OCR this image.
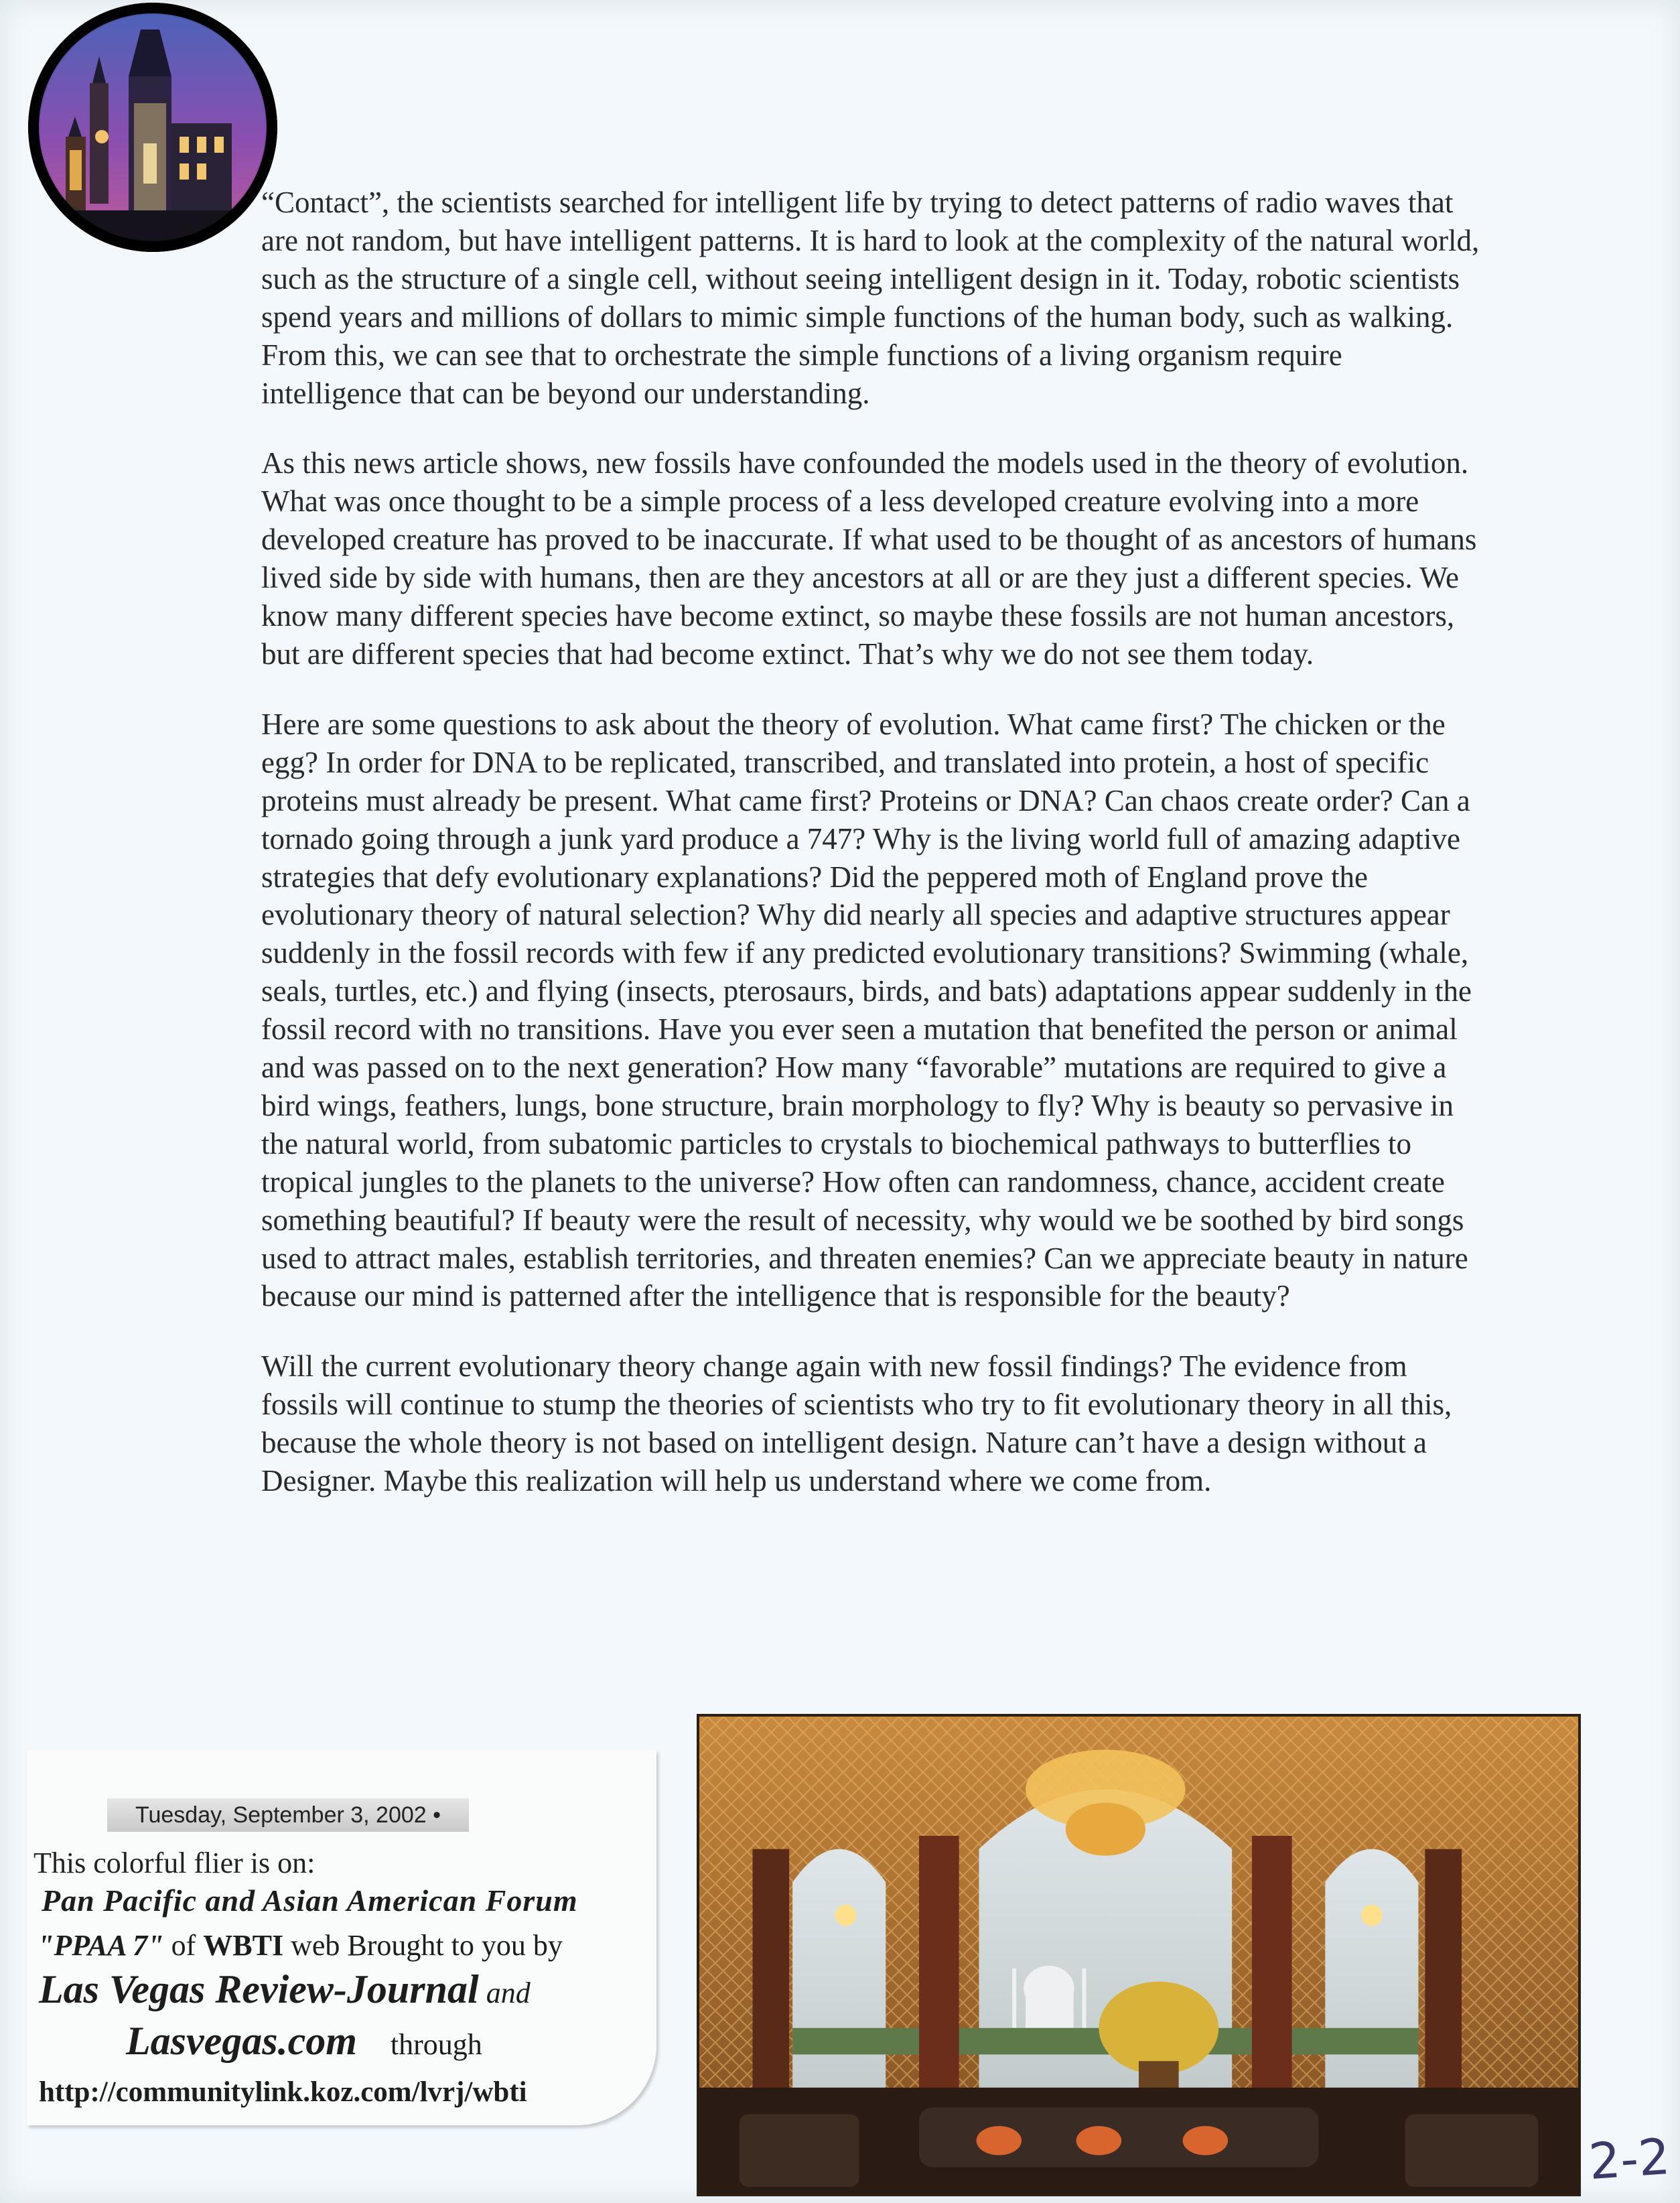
“Contact”, the scientists searched for intelligent life by trying to detect patterns of radio waves that are not random, but have intelligent patterns. It is hard to look at the complexity of the natural world, such as the structure of a single cell, without seeing intelligent design in it. Today, robotic scientists spend years and millions of dollars to mimic simple functions of the human body, such as walking. From this, we can see that to orchestrate the simple functions of a living organism require intelligence that can be beyond our understanding.

As this news article shows, new fossils have confounded the models used in the theory of evolution. What was once thought to be a simple process of a less developed creature evolving into a more developed creature has proved to be inaccurate. If what used to be thought of as ancestors of humans lived side by side with humans, then are they ancestors at all or are they just a different species. We know many different species have become extinct, so maybe these fossils are not human ancestors, but are different species that had become extinct. That’s why we do not see them today.

Here are some questions to ask about the theory of evolution. What came first? The chicken or the egg? In order for DNA to be replicated, transcribed, and translated into protein, a host of specific proteins must already be present. What came first? Proteins or DNA? Can chaos create order? Can a tornado going through a junk yard produce a 747? Why is the living world full of amazing adaptive strategies that defy evolutionary explanations? Did the peppered moth of England prove the evolutionary theory of natural selection? Why did nearly all species and adaptive structures appear suddenly in the fossil records with few if any predicted evolutionary transitions? Swimming (whale, seals, turtles, etc.) and flying (insects, pterosaurs, birds, and bats) adaptations appear suddenly in the fossil record with no transitions. Have you ever seen a mutation that benefited the person or animal and was passed on to the next generation? How many “favorable” mutations are required to give a bird wings, feathers, lungs, bone structure, brain morphology to fly? Why is beauty so pervasive in the natural world, from subatomic particles to crystals to biochemical pathways to butterflies to tropical jungles to the planets to the universe? How often can randomness, chance, accident create something beautiful? If beauty were the result of necessity, why would we be soothed by bird songs used to attract males, establish territories, and threaten enemies? Can we appreciate beauty in nature because our mind is patterned after the intelligence that is responsible for the beauty?

Will the current evolutionary theory change again with new fossil findings? The evidence from fossils will continue to stump the theories of scientists who try to fit evolutionary theory in all this, because the whole theory is not based on intelligent design. Nature can’t have a design without a Designer. Maybe this realization will help us understand where we come from.

Tuesday, September 3, 2002 •
This colorful flier is on:
Pan Pacific and Asian American Forum
"PPAA 7" of WBTI web Brought to you by
Las Vegas Review-Journal and
Lasvegas.com through
http://communitylink.koz.com/lvrj/wbti
2-2
